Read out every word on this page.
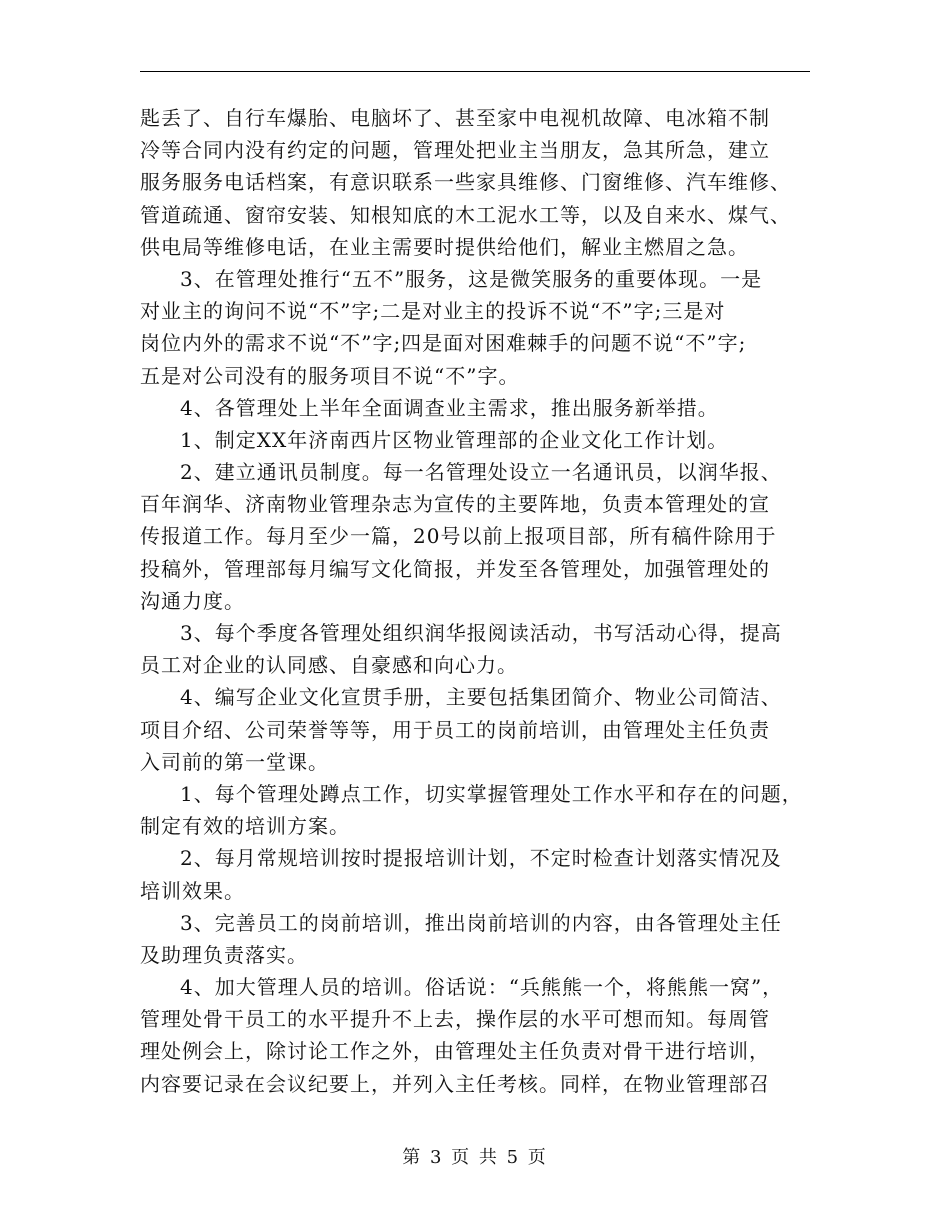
匙丢了、自行车爆胎、电脑坏了、甚至家中电视机故障、电冰箱不制
冷等合同内没有约定的问题，管理处把业主当朋友，急其所急，建立
服务服务电话档案，有意识联系一些家具维修、门窗维修、汽车维修、
管道疏通、窗帘安装、知根知底的木工泥水工等，以及自来水、煤气、
供电局等维修电话，在业主需要时提供给他们，解业主燃眉之急。
3、在管理处推行“五不”服务，这是微笑服务的重要体现。一是
对业主的询问不说“不”字;二是对业主的投诉不说“不”字;三是对
岗位内外的需求不说“不”字;四是面对困难棘手的问题不说“不”字;
五是对公司没有的服务项目不说“不”字。
4、各管理处上半年全面调查业主需求，推出服务新举措。
1、制定XX年济南西片区物业管理部的企业文化工作计划。
2、建立通讯员制度。每一名管理处设立一名通讯员，以润华报、
百年润华、济南物业管理杂志为宣传的主要阵地，负责本管理处的宣
传报道工作。每月至少一篇，20号以前上报项目部，所有稿件除用于
投稿外，管理部每月编写文化简报，并发至各管理处，加强管理处的
沟通力度。
3、每个季度各管理处组织润华报阅读活动，书写活动心得，提高
员工对企业的认同感、自豪感和向心力。
4、编写企业文化宣贯手册，主要包括集团简介、物业公司简洁、
项目介绍、公司荣誉等等，用于员工的岗前培训，由管理处主任负责
入司前的第一堂课。
1、每个管理处蹲点工作，切实掌握管理处工作水平和存在的问题，
制定有效的培训方案。
2、每月常规培训按时提报培训计划，不定时检查计划落实情况及
培训效果。
3、完善员工的岗前培训，推出岗前培训的内容，由各管理处主任
及助理负责落实。
4、加大管理人员的培训。俗话说：“兵熊熊一个，将熊熊一窝”，
管理处骨干员工的水平提升不上去，操作层的水平可想而知。每周管
理处例会上，除讨论工作之外，由管理处主任负责对骨干进行培训，
内容要记录在会议纪要上，并列入主任考核。同样，在物业管理部召
第 3 页 共 5 页
